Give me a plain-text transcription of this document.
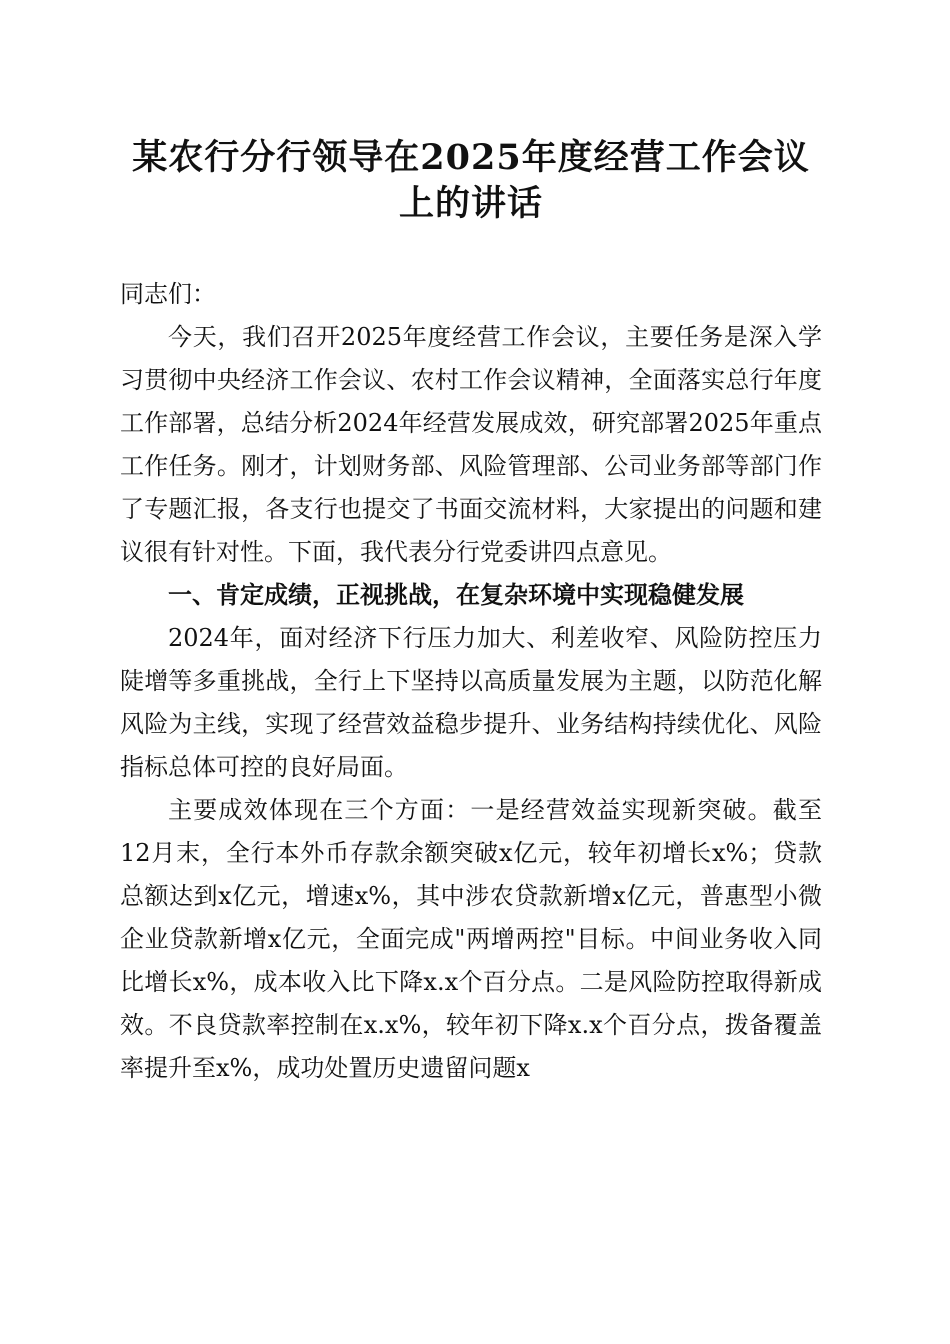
某农行分行领导在2025年度经营工作会议上的讲话

同志们：

今天，我们召开2025年度经营工作会议，主要任务是深入学习贯彻中央经济工作会议、农村工作会议精神，全面落实总行年度工作部署，总结分析2024年经营发展成效，研究部署2025年重点工作任务。刚才，计划财务部、风险管理部、公司业务部等部门作了专题汇报，各支行也提交了书面交流材料，大家提出的问题和建议很有针对性。下面，我代表分行党委讲四点意见。

一、肯定成绩，正视挑战，在复杂环境中实现稳健发展

2024年，面对经济下行压力加大、利差收窄、风险防控压力陡增等多重挑战，全行上下坚持以高质量发展为主题，以防范化解风险为主线，实现了经营效益稳步提升、业务结构持续优化、风险指标总体可控的良好局面。

主要成效体现在三个方面：一是经营效益实现新突破。截至12月末，全行本外币存款余额突破x亿元，较年初增长x%；贷款总额达到x亿元，增速x%，其中涉农贷款新增x亿元，普惠型小微企业贷款新增x亿元，全面完成"两增两控"目标。中间业务收入同比增长x%，成本收入比下降x.x个百分点。二是风险防控取得新成效。不良贷款率控制在x.x%，较年初下降x.x个百分点，拨备覆盖率提升至x%，成功处置历史遗留问题x
